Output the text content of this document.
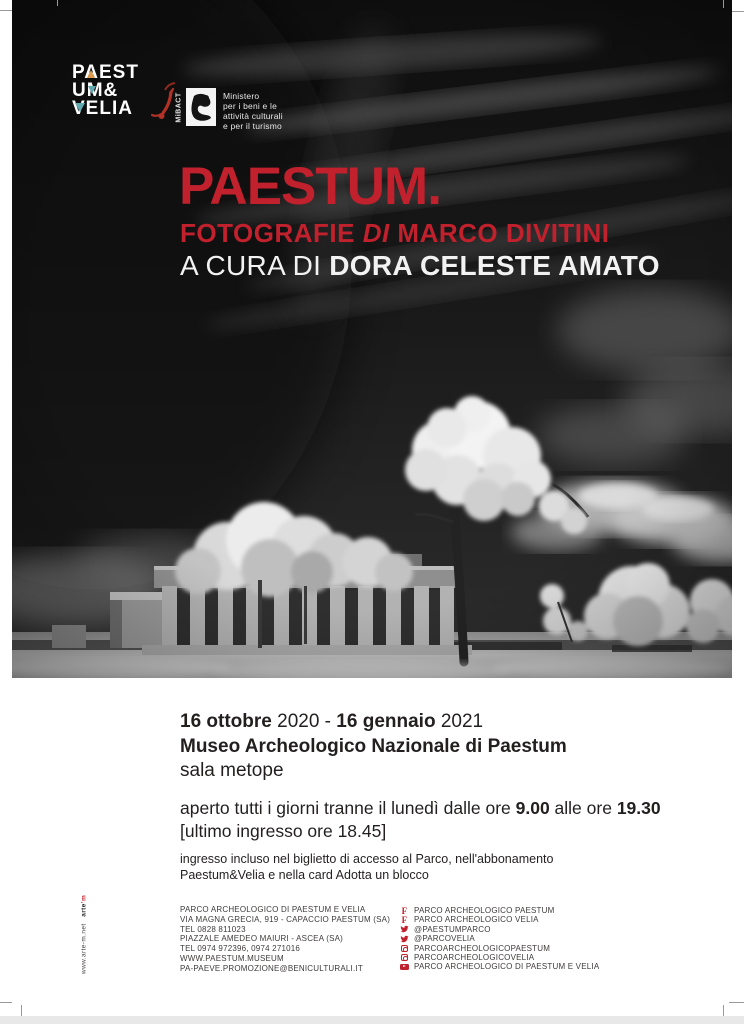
PAEST
UM&
VELIA	MiBACT	Ministero
per i beni e le
attività culturali
e per il turismo
PAESTUM.
FOTOGRAFIE DI MARCO DIVITINI
A CURA DI DORA CELESTE AMATO
16 ottobre 2020 - 16 gennaio 2021
Museo Archeologico Nazionale di Paestum
sala metope
aperto tutti i giorni tranne il lunedì dalle ore 9.00 alle ore 19.30
[ultimo ingresso ore 18.45]
ingresso incluso nel biglietto di accesso al Parco, nell'abbonamento
Paestum&Velia e nella card Adotta un blocco
PARCO ARCHEOLOGICO DI PAESTUM E VELIA
VIA MAGNA GRECIA, 919 - CAPACCIO PAESTUM (SA)
TEL 0828 811023
PIAZZALE AMEDEO MAIURI - ASCEA (SA)
TEL 0974 972396, 0974 271016
WWW.PAESTUM.MUSEUM
PA-PAEVE.PROMOZIONE@BENICULTURALI.IT
F PARCO ARCHEOLOGICO PAESTUM
F PARCO ARCHEOLOGICO VELIA
@PAESTUMPARCO
@PARCOVELIA
PARCOARCHEOLOGICOPAESTUM
PARCOARCHEOLOGICOVELIA
PARCO ARCHEOLOGICO DI PAESTUM E VELIA
www.arte-m.net   arte’m
